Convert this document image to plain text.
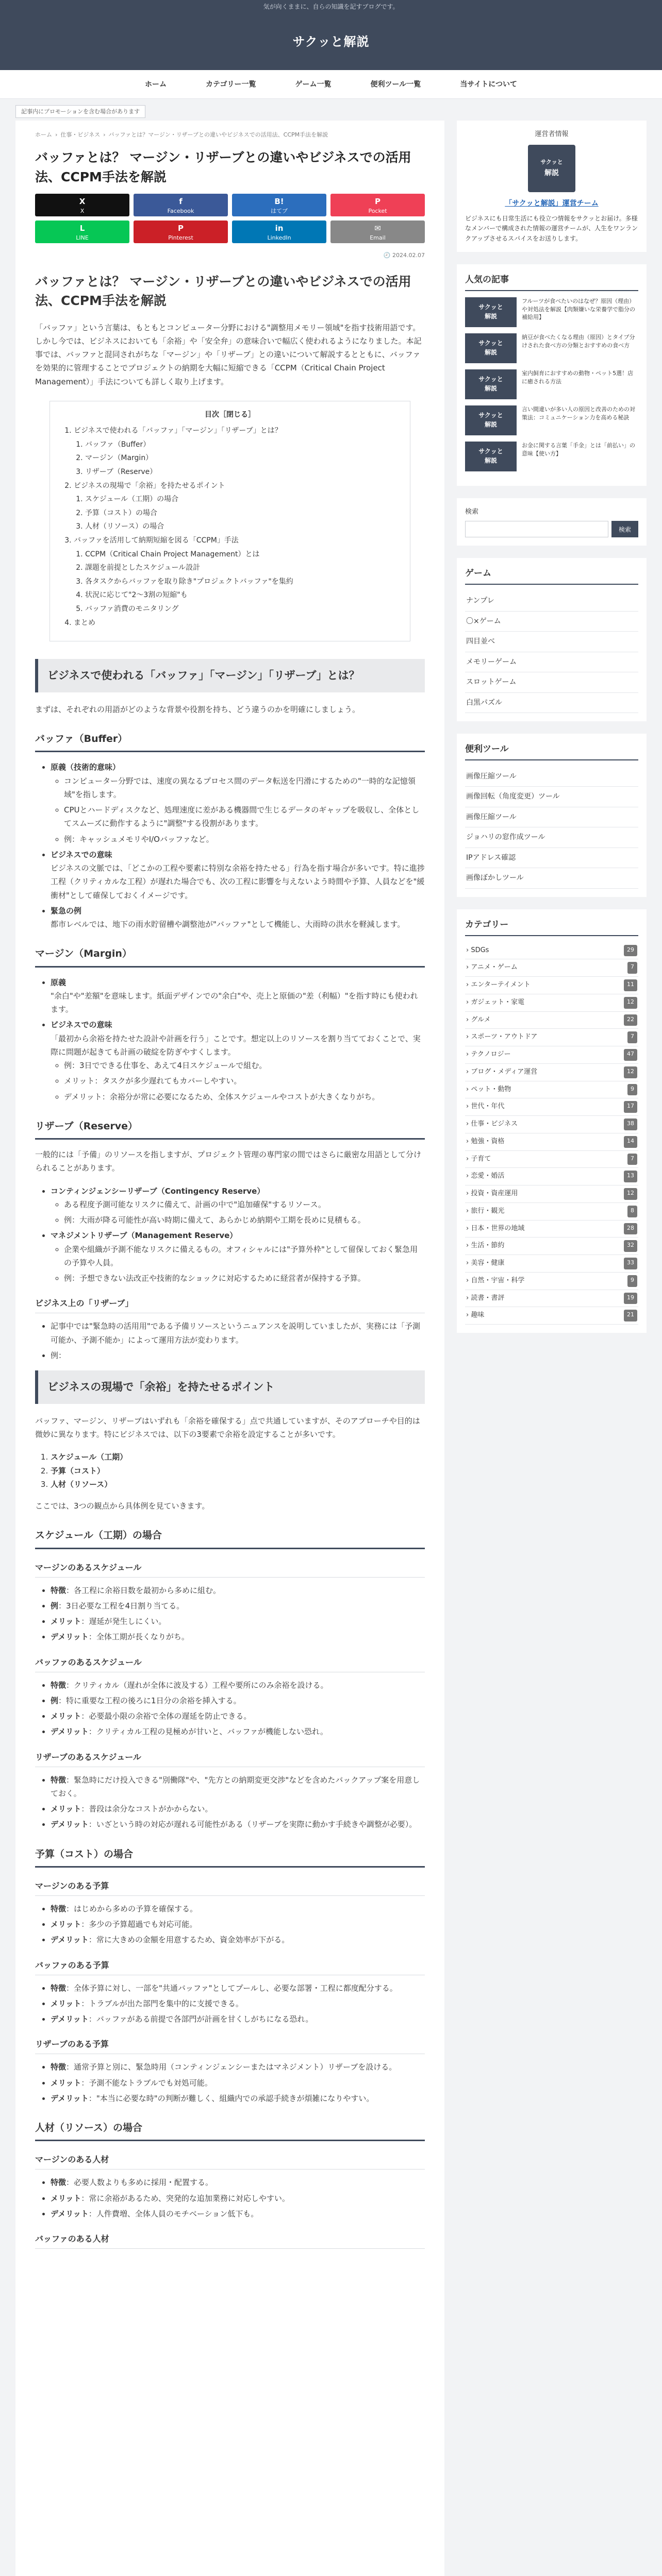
気が向くままに、自らの知識を記すブログです。
サクッと解説
ホーム	カテゴリー一覧	ゲーム一覧	便利ツール一覧	当サイトについて
記事内にプロモーションを含む場合があります
ホーム › 仕事・ビジネス › バッファとは？マージン・リザーブとの違いやビジネスでの活用法、CCPM手法を解説
バッファとは？ マージン・リザーブとの違いやビジネスでの活用法、CCPM手法を解説
X
X
f
Facebook
B!
はてブ
P
Pocket
L
LINE
P
Pinterest
in
LinkedIn
✉
Email
🕘 2024.02.07
バッファとは？ マージン・リザーブとの違いやビジネスでの活用法、CCPM手法を解説

「バッファ」という言葉は、もともとコンピューター分野における"調整用メモリー領域"を指す技術用語です。しかし今では、ビジネスにおいても「余裕」や「安全弁」の意味合いで幅広く使われるようになりました。本記事では、バッファと混同されがちな「マージン」や「リザーブ」との違いについて解説するとともに、バッファを効果的に管理することでプロジェクトの納期を大幅に短縮できる「CCPM（Critical Chain Project Management）」手法についても詳しく取り上げます。

目次［閉じる］
1. ビジネスで使われる「バッファ」「マージン」「リザーブ」とは？
1. バッファ（Buffer）
2. マージン（Margin）
3. リザーブ（Reserve）
2. ビジネスの現場で「余裕」を持たせるポイント
1. スケジュール（工期）の場合
2. 予算（コスト）の場合
3. 人材（リソース）の場合
3. バッファを活用して納期短縮を図る「CCPM」手法
1. CCPM（Critical Chain Project Management）とは
2. 課題を前提としたスケジュール設計
3. 各タスクからバッファを取り除き"プロジェクトバッファ"を集約
4. 状況に応じて"2〜3割の短縮"も
5. バッファ消費のモニタリング
4. まとめ
ビジネスで使われる「バッファ」「マージン」「リザーブ」とは？

まずは、それぞれの用語がどのような背景や役割を持ち、どう違うのかを明確にしましょう。

バッファ（Buffer）
• 原義（技術的意味）
◦ コンピューター分野では、速度の異なるプロセス間のデータ転送を円滑にするための"一時的な記憶領域"を指します。
◦ CPUとハードディスクなど、処理速度に差がある機器間で生じるデータのギャップを吸収し、全体としてスムーズに動作するように"調整"する役割があります。
◦ 例：キャッシュメモリやI/Oバッファなど。
• ビジネスでの意味
ビジネスの文脈では、「どこかの工程や要素に特別な余裕を持たせる」行為を指す場合が多いです。特に進捗工程（クリティカルな工程）が遅れた場合でも、次の工程に影響を与えないよう時間や予算、人員などを"緩衝材"として確保しておくイメージです。
• 緊急の例
都市レベルでは、地下の雨水貯留槽や調整池が"バッファ"として機能し、大雨時の洪水を軽減します。
マージン（Margin）
• 原義
"余白"や"差額"を意味します。紙面デザインでの"余白"や、売上と原価の"差（利幅）"を指す時にも使われます。
• ビジネスでの意味
「最初から余裕を持たせた設計や計画を行う」ことです。想定以上のリソースを割り当てておくことで、実際に問題が起きても計画の破綻を防ぎやすくします。
◦ 例：3日でできる仕事を、あえて4日スケジュールで組む。
◦ メリット：タスクが多少遅れてもカバーしやすい。
◦ デメリット：余裕分が常に必要になるため、全体スケジュールやコストが大きくなりがち。
リザーブ（Reserve）

一般的には「予備」のリソースを指しますが、プロジェクト管理の専門家の間ではさらに厳密な用語として分けられることがあります。

• コンティンジェンシーリザーブ（Contingency Reserve）
◦ ある程度予測可能なリスクに備えて、計画の中で"追加確保"するリソース。
◦ 例：大雨が降る可能性が高い時期に備えて、あらかじめ納期や工期を長めに見積もる。
• マネジメントリザーブ（Management Reserve）
◦ 企業や組織が予測不能なリスクに備えるもの。オフィシャルには"予算外枠"として留保しておく緊急用の予算や人員。
◦ 例：予想できない法改正や技術的なショックに対応するために経営者が保持する予算。
ビジネス上の「リザーブ」
• 記事中では"緊急時の活用用"である予備リソースというニュアンスを説明していましたが、実務には「予測可能か、予測不能か」によって運用方法が変わります。
• 例：
ビジネスの現場で「余裕」を持たせるポイント

バッファ、マージン、リザーブはいずれも「余裕を確保する」点で共通していますが、そのアプローチや目的は微妙に異なります。特にビジネスでは、以下の3要素で余裕を設定することが多いです。

1. スケジュール（工期）
2. 予算（コスト）
3. 人材（リソース）

ここでは、3つの観点から具体例を見ていきます。

スケジュール（工期）の場合
マージンのあるスケジュール
• 特徴：各工程に余裕日数を最初から多めに組む。
• 例：3日必要な工程を4日割り当てる。
• メリット：遅延が発生しにくい。
• デメリット：全体工期が長くなりがち。
バッファのあるスケジュール
• 特徴：クリティカル（遅れが全体に波及する）工程や要所にのみ余裕を設ける。
• 例：特に重要な工程の後ろに1日分の余裕を挿入する。
• メリット：必要最小限の余裕で全体の遅延を防止できる。
• デメリット：クリティカル工程の見極めが甘いと、バッファが機能しない恐れ。
リザーブのあるスケジュール
• 特徴：緊急時にだけ投入できる"別働隊"や、"先方との納期変更交渉"などを含めたバックアップ案を用意しておく。
• メリット：普段は余分なコストがかからない。
• デメリット：いざという時の対応が遅れる可能性がある（リザーブを実際に動かす手続きや調整が必要）。
予算（コスト）の場合
マージンのある予算
• 特徴：はじめから多めの予算を確保する。
• メリット：多少の予算超過でも対応可能。
• デメリット：常に大きめの金額を用意するため、資金効率が下がる。
バッファのある予算
• 特徴：全体予算に対し、一部を"共通バッファ"としてプールし、必要な部署・工程に都度配分する。
• メリット：トラブルが出た部門を集中的に支援できる。
• デメリット：バッファがある前提で各部門が計画を甘くしがちになる恐れ。
リザーブのある予算
• 特徴：通常予算と別に、緊急時用（コンティンジェンシーまたはマネジメント）リザーブを設ける。
• メリット：予測不能なトラブルでも対処可能。
• デメリット："本当に必要な時"の判断が難しく、組織内での承認手続きが煩雑になりやすい。
人材（リソース）の場合
マージンのある人材
• 特徴：必要人数よりも多めに採用・配置する。
• メリット：常に余裕があるため、突発的な追加業務に対応しやすい。
• デメリット：人件費増、全体人員のモチベーション低下も。
バッファのある人材
運営者情報
サクッと
解説
「サクッと解説」運営チーム
ビジネスにも日常生活にも役立つ情報をサクッとお届け。多様なメンバーで構成された情報の運営チームが、人生をワンランクアップさせるスパイスをお送りします。
人気の記事
サクッと
解説
フルーツが食べたいのはなぜ？原因（理由）や対処法を解説【肉類嫌いな栄養学で脂分の補給用】
サクッと
解説
納豆が食べたくなる理由（原因）とタイプ分けされた食べ方の分類とおすすめの食べ方
サクッと
解説
室内飼育におすすめの動物・ペット5選！店に癒される方法
サクッと
解説
言い間違いが多い人の原因と改善のための対策法：コミュニケーション力を高める秘訣
サクッと
解説
お金に関する言葉「手金」とは「前払い」の意味【使い方】
検索
検索
ゲーム
ナンプレ
〇×ゲーム
四目並べ
メモリーゲーム
スロットゲーム
白黒パズル
便利ツール
画像圧縮ツール
画像回転（角度変更）ツール
画像圧縮ツール
ジョハリの窓作成ツール
IPアドレス確認
画像ぼかしツール
カテゴリー
› SDGs	29
› アニメ・ゲーム	7
› エンターテイメント	11
› ガジェット・家電	12
› グルメ	22
› スポーツ・アウトドア	7
› テクノロジー	47
› ブログ・メディア運営	12
› ペット・動物	9
› 世代・年代	17
› 仕事・ビジネス	38
› 勉強・資格	14
› 子育て	7
› 恋愛・婚活	13
› 投資・資産運用	12
› 旅行・観光	8
› 日本・世界の地域	28
› 生活・節約	32
› 美容・健康	33
› 自然・宇宙・科学	9
› 読書・書評	19
› 趣味	21
